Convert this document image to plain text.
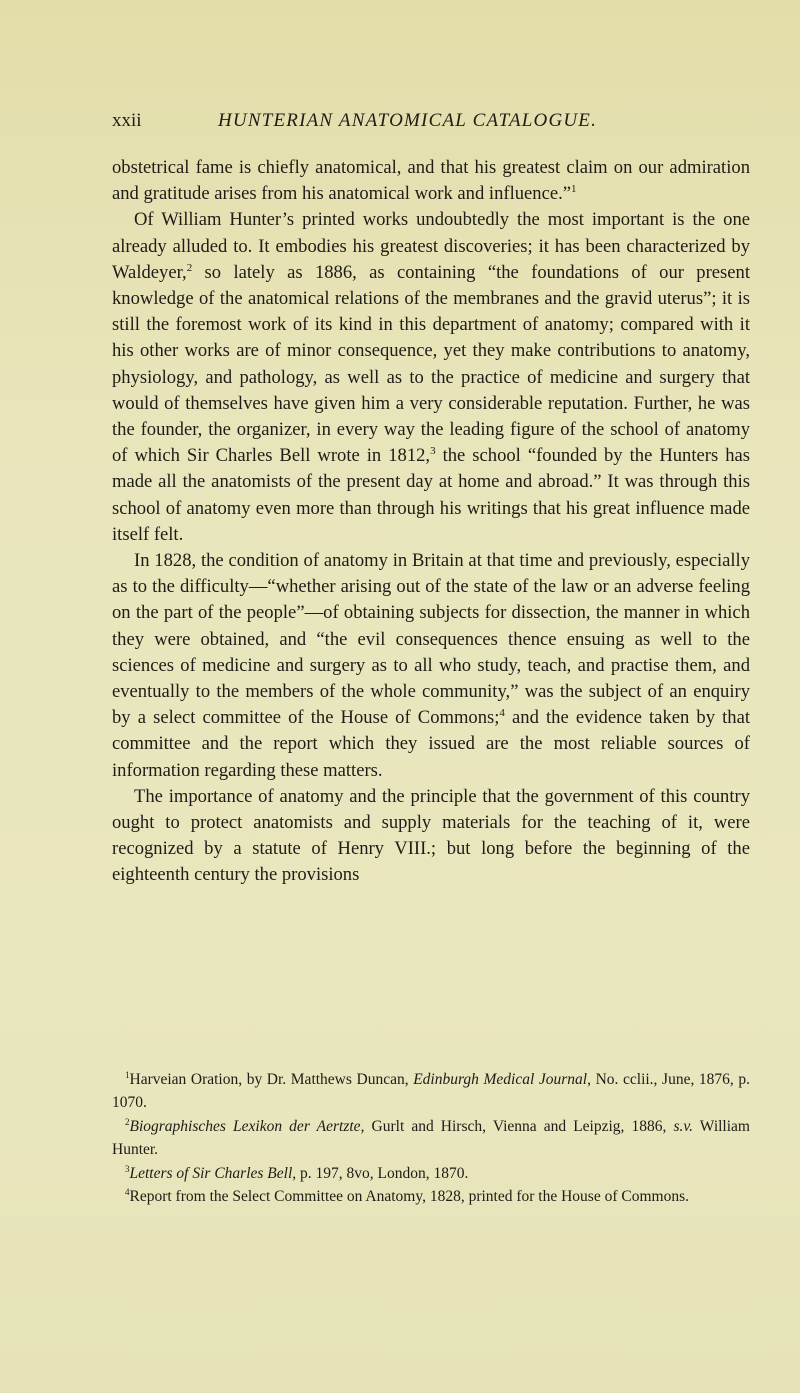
xxii	HUNTERIAN ANATOMICAL CATALOGUE.

obstetrical fame is chiefly anatomical, and that his greatest claim on our admiration and gratitude arises from his anatomical work and influence.”$^1$

Of William Hunter’s printed works undoubtedly the most important is the one already alluded to. It embodies his greatest discoveries; it has been characterized by Waldeyer,$^2$ so lately as 1886, as containing “the foundations of our present knowledge of the anatomical relations of the membranes and the gravid uterus”; it is still the foremost work of its kind in this department of anatomy; compared with it his other works are of minor consequence, yet they make contributions to anatomy, physiology, and pathology, as well as to the practice of medicine and surgery that would of themselves have given him a very considerable reputation. Further, he was the founder, the organizer, in every way the leading figure of the school of anatomy of which Sir Charles Bell wrote in 1812,$^3$ the school “founded by the Hunters has made all the anatomists of the present day at home and abroad.” It was through this school of anatomy even more than through his writings that his great influence made itself felt.

In 1828, the condition of anatomy in Britain at that time and previously, especially as to the difficulty—“whether arising out of the state of the law or an adverse feeling on the part of the people”—of obtaining subjects for dissection, the manner in which they were obtained, and “the evil consequences thence ensuing as well to the sciences of medicine and surgery as to all who study, teach, and practise them, and eventually to the members of the whole community,” was the subject of an enquiry by a select committee of the House of Commons;$^4$ and the evidence taken by that committee and the report which they issued are the most reliable sources of information regarding these matters.

The importance of anatomy and the principle that the government of this country ought to protect anatomists and supply materials for the teaching of it, were recognized by a statute of Henry VIII.; but long before the beginning of the eighteenth century the provisions

$^1$Harveian Oration, by Dr. Matthews Duncan, Edinburgh Medical Journal, No. cclii., June, 1876, p. 1070.

$^2$Biographisches Lexikon der Aertzte, Gurlt and Hirsch, Vienna and Leipzig, 1886, s.v. William Hunter.

$^3$Letters of Sir Charles Bell, p. 197, 8vo, London, 1870.

$^4$Report from the Select Committee on Anatomy, 1828, printed for the House of Commons.
